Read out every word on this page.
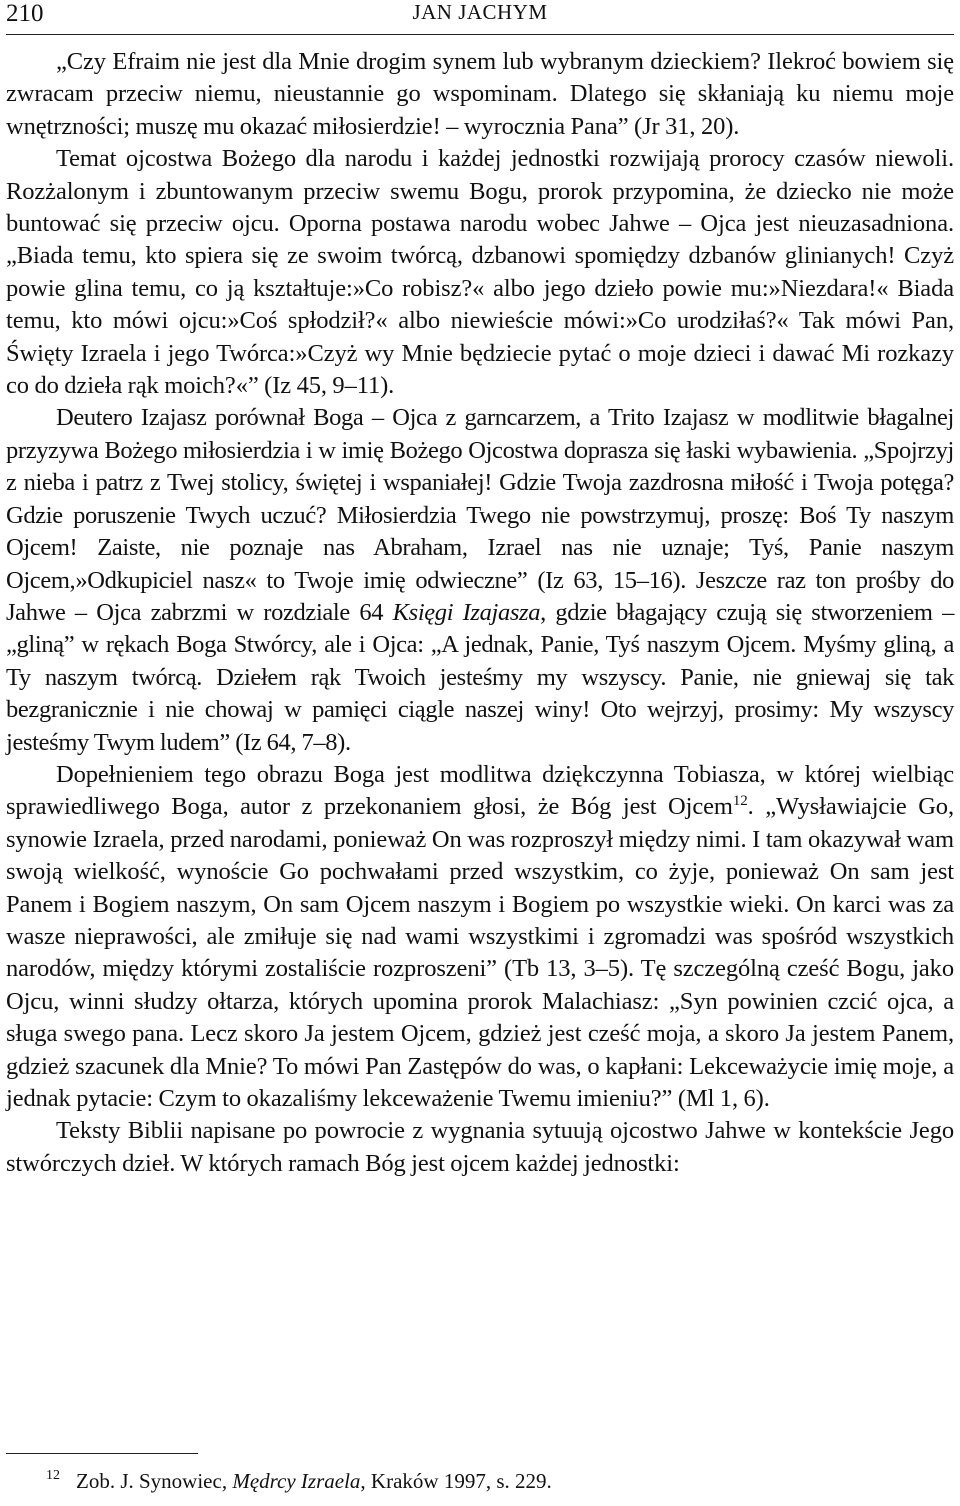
210	JAN JACHYM

„Czy Efraim nie jest dla Mnie drogim synem lub wybranym dzieckiem? Ilekroć bowiem się zwracam przeciw niemu, nieustannie go wspominam. Dlatego się skłaniają ku niemu moje wnętrzności; muszę mu okazać miłosierdzie! – wyrocznia Pana” (Jr 31, 20).

Temat ojcostwa Bożego dla narodu i każdej jednostki rozwijają prorocy czasów niewoli. Rozżalonym i zbuntowanym przeciw swemu Bogu, prorok przypomina, że dziecko nie może buntować się przeciw ojcu. Oporna postawa narodu wobec Jahwe – Ojca jest nieuzasadniona. „Biada temu, kto spiera się ze swoim twórcą, dzbanowi spomiędzy dzbanów glinianych! Czyż powie glina temu, co ją kształtuje:»Co robisz?« albo jego dzieło powie mu:»Niezdara!« Biada temu, kto mówi ojcu:»Coś spłodził?« albo niewieście mówi:»Co urodziłaś?« Tak mówi Pan, Święty Izraela i jego Twórca:»Czyż wy Mnie będziecie pytać o moje dzieci i dawać Mi rozkazy co do dzieła rąk moich?«” (Iz 45, 9–11).

Deutero Izajasz porównał Boga – Ojca z garncarzem, a Trito Izajasz w modlitwie błagalnej przyzywa Bożego miłosierdzia i w imię Bożego Ojcostwa doprasza się łaski wybawienia. „Spojrzyj z nieba i patrz z Twej stolicy, świętej i wspaniałej! Gdzie Twoja zazdrosna miłość i Twoja potęga? Gdzie poruszenie Twych uczuć? Miłosierdzia Twego nie powstrzymuj, proszę: Boś Ty naszym Ojcem! Zaiste, nie poznaje nas Abraham, Izrael nas nie uznaje; Tyś, Panie naszym Ojcem,»Odkupiciel nasz« to Twoje imię odwieczne” (Iz 63, 15–16). Jeszcze raz ton prośby do Jahwe – Ojca zabrzmi w rozdziale 64 Księgi Izajasza, gdzie błagający czują się stworzeniem – „gliną” w rękach Boga Stwórcy, ale i Ojca: „A jednak, Panie, Tyś naszym Ojcem. Myśmy gliną, a Ty naszym twórcą. Dziełem rąk Twoich jesteśmy my wszyscy. Panie, nie gniewaj się tak bezgranicznie i nie chowaj w pamięci ciągle naszej winy! Oto wejrzyj, prosimy: My wszyscy jesteśmy Twym ludem” (Iz 64, 7–8).

Dopełnieniem tego obrazu Boga jest modlitwa dziękczynna Tobiasza, w której wielbiąc sprawiedliwego Boga, autor z przekonaniem głosi, że Bóg jest Ojcem$^{12}$. „Wysławiajcie Go, synowie Izraela, przed narodami, ponieważ On was rozproszył między nimi. I tam okazywał wam swoją wielkość, wynoście Go pochwałami przed wszystkim, co żyje, ponieważ On sam jest Panem i Bogiem naszym, On sam Ojcem naszym i Bogiem po wszystkie wieki. On karci was za wasze nieprawości, ale zmiłuje się nad wami wszystkimi i zgromadzi was spośród wszystkich narodów, między którymi zostaliście rozproszeni” (Tb 13, 3–5). Tę szczególną cześć Bogu, jako Ojcu, winni słudzy ołtarza, których upomina prorok Malachiasz: „Syn powinien czcić ojca, a sługa swego pana. Lecz skoro Ja jestem Ojcem, gdzież jest cześć moja, a skoro Ja jestem Panem, gdzież szacunek dla Mnie? To mówi Pan Zastępów do was, o kapłani: Lekceważycie imię moje, a jednak pytacie: Czym to okazaliśmy lekceważenie Twemu imieniu?” (Ml 1, 6).

Teksty Biblii napisane po powrocie z wygnania sytuują ojcostwo Jahwe w kontekście Jego stwórczych dzieł. W których ramach Bóg jest ojcem każdej jednostki:

$^{12}$ Zob. J. Synowiec, Mędrcy Izraela, Kraków 1997, s. 229.
